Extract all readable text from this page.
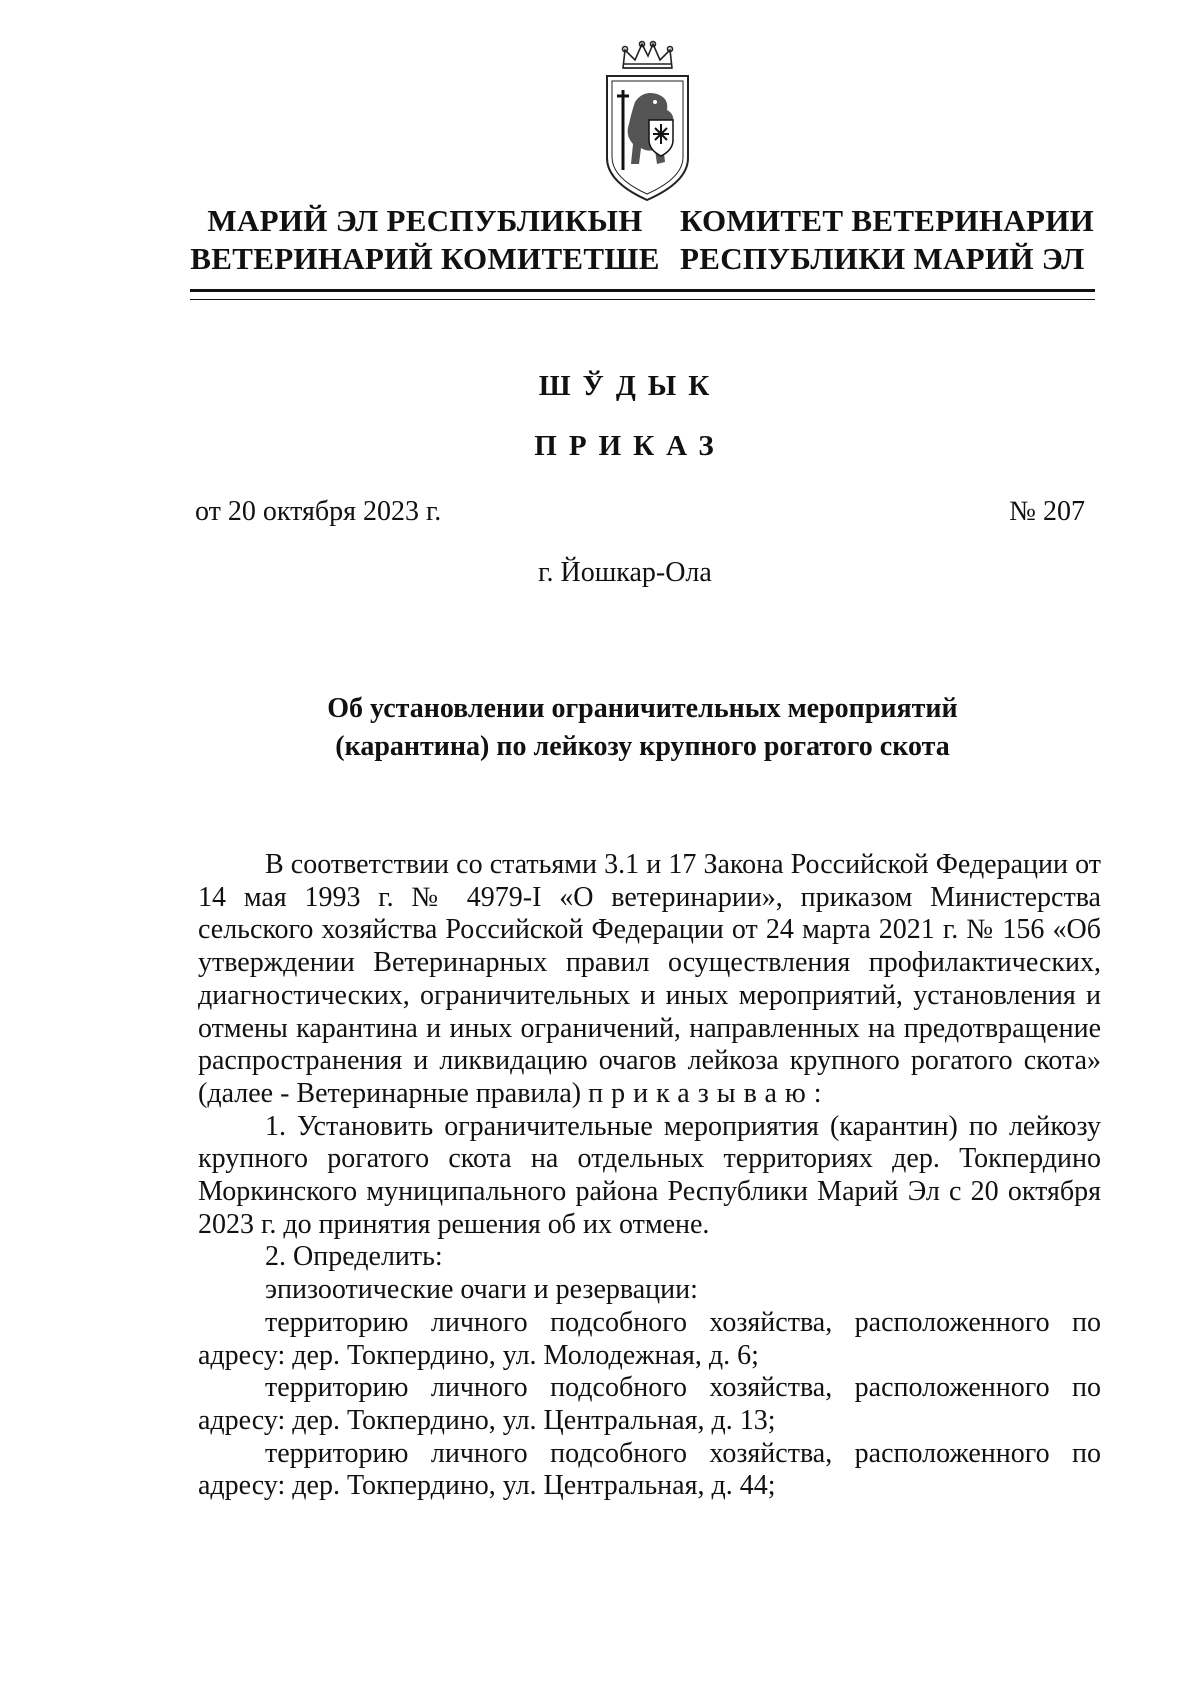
МАРИЙ ЭЛ РЕСПУБЛИКЫН
ВЕТЕРИНАРИЙ КОМИТЕТШЕ
КОМИТЕТ ВЕТЕРИНАРИИ
РЕСПУБЛИКИ МАРИЙ ЭЛ
ШЎДЫК
ПРИКАЗ
от 20 октября 2023 г.	№ 207
г. Йошкар-Ола
Об установлении ограничительных мероприятий
(карантина) по лейкозу крупного рогатого скота

В соответствии со статьями 3.1 и 17 Закона Российской Федерации от 14 мая 1993 г. № 4979-I «О ветеринарии», приказом Министерства сельского хозяйства Российской Федерации от 24 марта 2021 г. № 156 «Об утверждении Ветеринарных правил осуществления профилактических, диагностических, ограничительных и иных мероприятий, установления и отмены карантина и иных ограничений, направленных на предотвращение распространения и ликвидацию очагов лейкоза крупного рогатого скота» (далее - Ветеринарные правила) приказываю:

1. Установить ограничительные мероприятия (карантин) по лейкозу крупного рогатого скота на отдельных территориях дер. Токпердино Моркинского муниципального района Республики Марий Эл с 20 октября 2023 г. до принятия решения об их отмене.

2. Определить:

эпизоотические очаги и резервации:

территорию личного подсобного хозяйства, расположенного по адресу: дер. Токпердино, ул. Молодежная, д. 6;

территорию личного подсобного хозяйства, расположенного по адресу: дер. Токпердино, ул. Центральная, д. 13;

территорию личного подсобного хозяйства, расположенного по адресу: дер. Токпердино, ул. Центральная, д. 44;
